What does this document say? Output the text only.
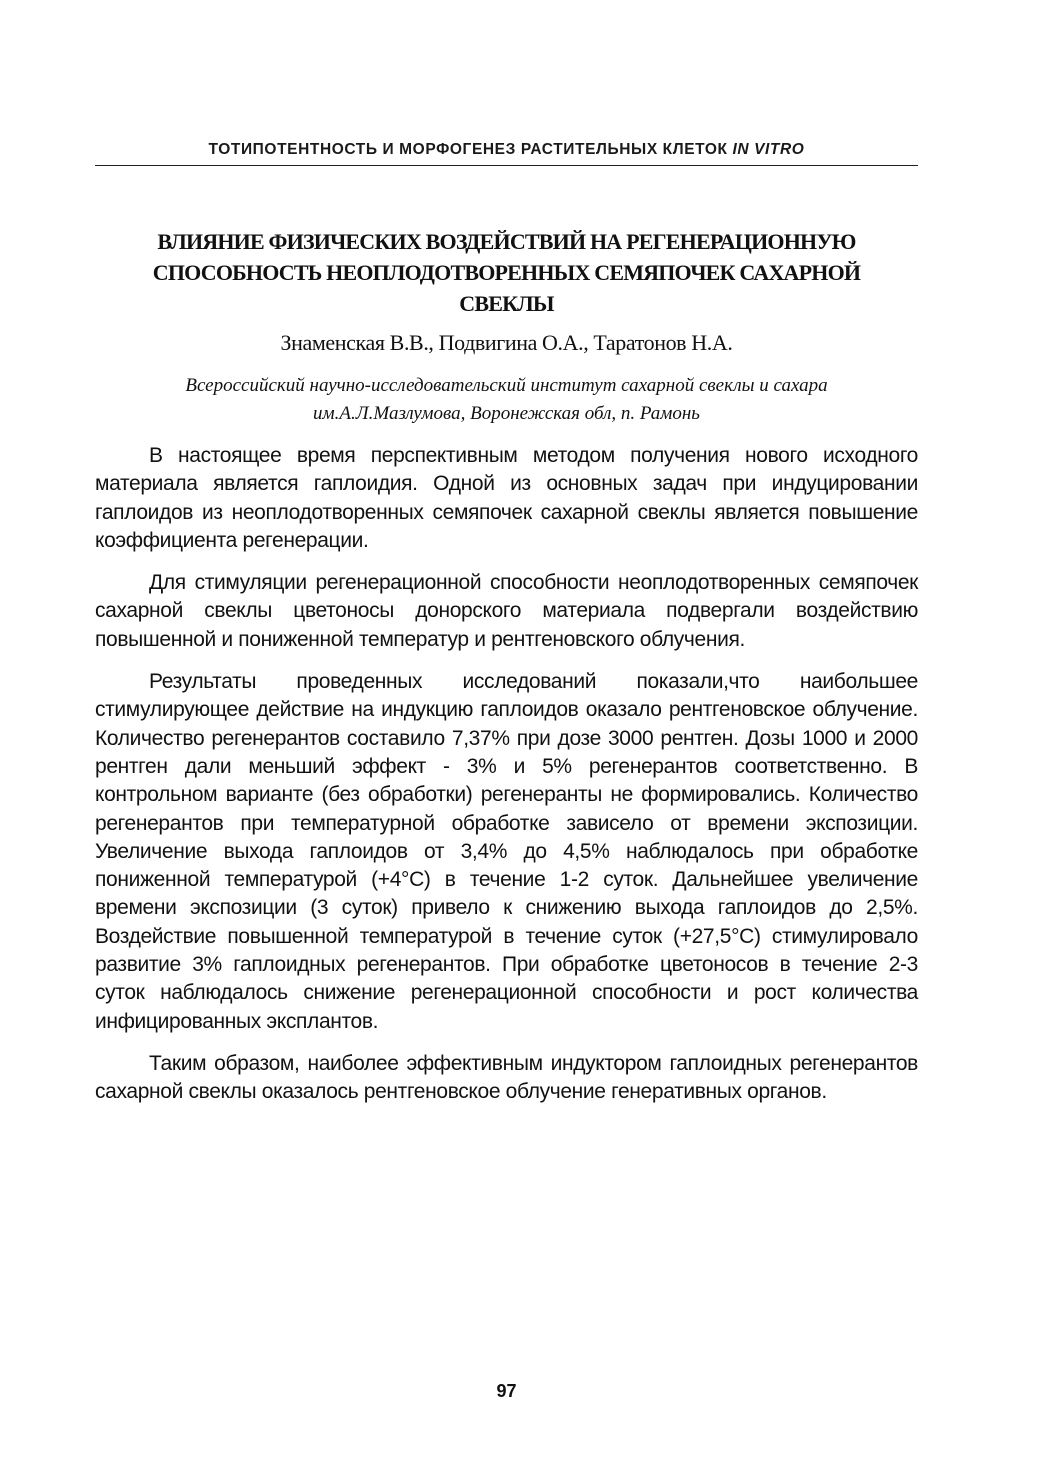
ТОТИПОТЕНТНОСТЬ И МОРФОГЕНЕЗ РАСТИТЕЛЬНЫХ КЛЕТОК IN VITRO
ВЛИЯНИЕ ФИЗИЧЕСКИХ ВОЗДЕЙСТВИЙ НА РЕГЕНЕРАЦИОННУЮ
СПОСОБНОСТЬ НЕОПЛОДОТВОРЕННЫХ СЕМЯПОЧЕК САХАРНОЙ
СВЕКЛЫ
Знаменская В.В., Подвигина О.А., Таратонов Н.А.
Всероссийский научно-исследовательский институт сахарной свеклы и сахара
им.А.Л.Мазлумова, Воронежская обл, п. Рамонь

В настоящее время перспективным методом получения нового исходного материала является гаплоидия. Одной из основных задач при индуцировании гаплоидов из неоплодотворенных семяпочек сахарной свеклы является повышение коэффициента регенерации.

Для стимуляции регенерационной способности неоплодотворенных семяпочек сахарной свеклы цветоносы донорского материала подвергали воздействию повышенной и пониженной температур и рентгеновского облучения.

Результаты проведенных исследований показали,что наибольшее стимулирующее действие на индукцию гаплоидов оказало рентгеновское облучение. Количество регенерантов составило 7,37% при дозе 3000 рентген. Дозы 1000 и 2000 рентген дали меньший эффект - 3% и 5% регенерантов соответственно. В контрольном варианте (без обработки) регенеранты не формировались. Количество регенерантов при температурной обработке зависело от времени экспозиции. Увеличение выхода гаплоидов от 3,4% до 4,5% наблюдалось при обработке пониженной температурой (+4°С) в течение 1-2 суток. Дальнейшее увеличение времени экспозиции (3 суток) привело к снижению выхода гаплоидов до 2,5%. Воздействие повышенной температурой в течение суток (+27,5°С) стимулировало развитие 3% гаплоидных регенерантов. При обработке цветоносов в течение 2-3 суток наблюдалось снижение регенерационной способности и рост количества инфицированных эксплантов.

Таким образом, наиболее эффективным индуктором гаплоидных регенерантов сахарной свеклы оказалось рентгеновское облучение генеративных органов.

97
